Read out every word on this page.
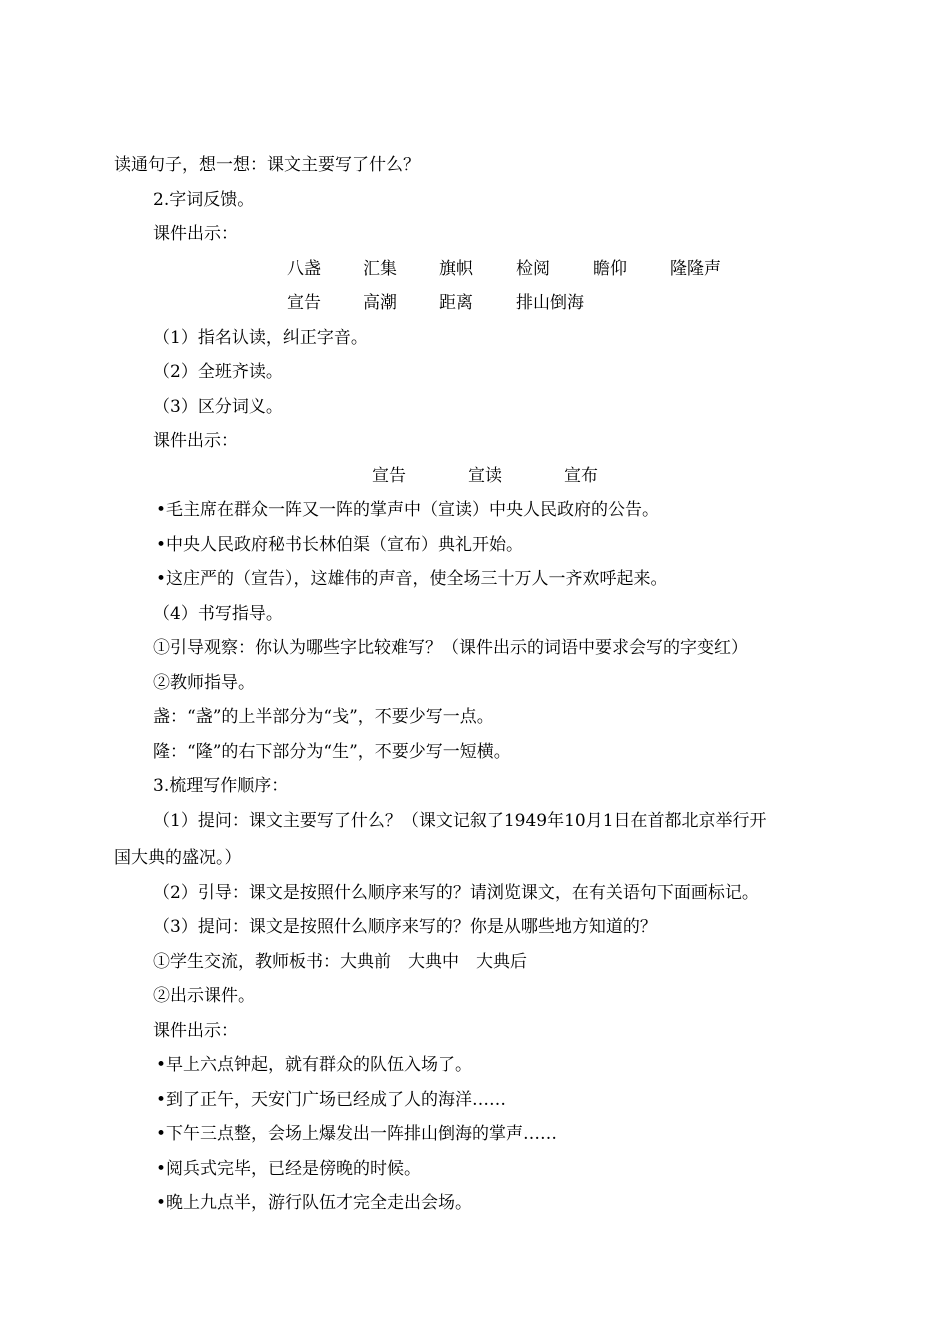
读通句子，想一想：课文主要写了什么？
2.字词反馈。
课件出示：
八盏 汇集 旗帜	检阅	瞻仰	隆隆声
宣告 高潮 距离	排山倒海
（1）指名认读，纠正字音。
（2）全班齐读。
（3）区分词义。
课件出示：
宣告	宣读	宣布
•毛主席在群众一阵又一阵的掌声中（宣读）中央人民政府的公告。
•中央人民政府秘书长林伯渠（宣布）典礼开始。
•这庄严的（宣告），这雄伟的声音，使全场三十万人一齐欢呼起来。
（4）书写指导。
①引导观察：你认为哪些字比较难写？（课件出示的词语中要求会写的字变红）
②教师指导。
盏：“盏”的上半部分为“戋”，不要少写一点。
隆：“隆”的右下部分为“生”，不要少写一短横。
3.梳理写作顺序：
（1）提问：课文主要写了什么？（课文记叙了1949年10月1日在首都北京举行开
国大典的盛况。）
（2）引导：课文是按照什么顺序来写的？请浏览课文，在有关语句下面画标记。
（3）提问：课文是按照什么顺序来写的？你是从哪些地方知道的？
①学生交流，教师板书：大典前　大典中　大典后
②出示课件。
课件出示：
•早上六点钟起，就有群众的队伍入场了。
•到了正午，天安门广场已经成了人的海洋……
•下午三点整，会场上爆发出一阵排山倒海的掌声……
•阅兵式完毕，已经是傍晚的时候。
•晚上九点半，游行队伍才完全走出会场。
